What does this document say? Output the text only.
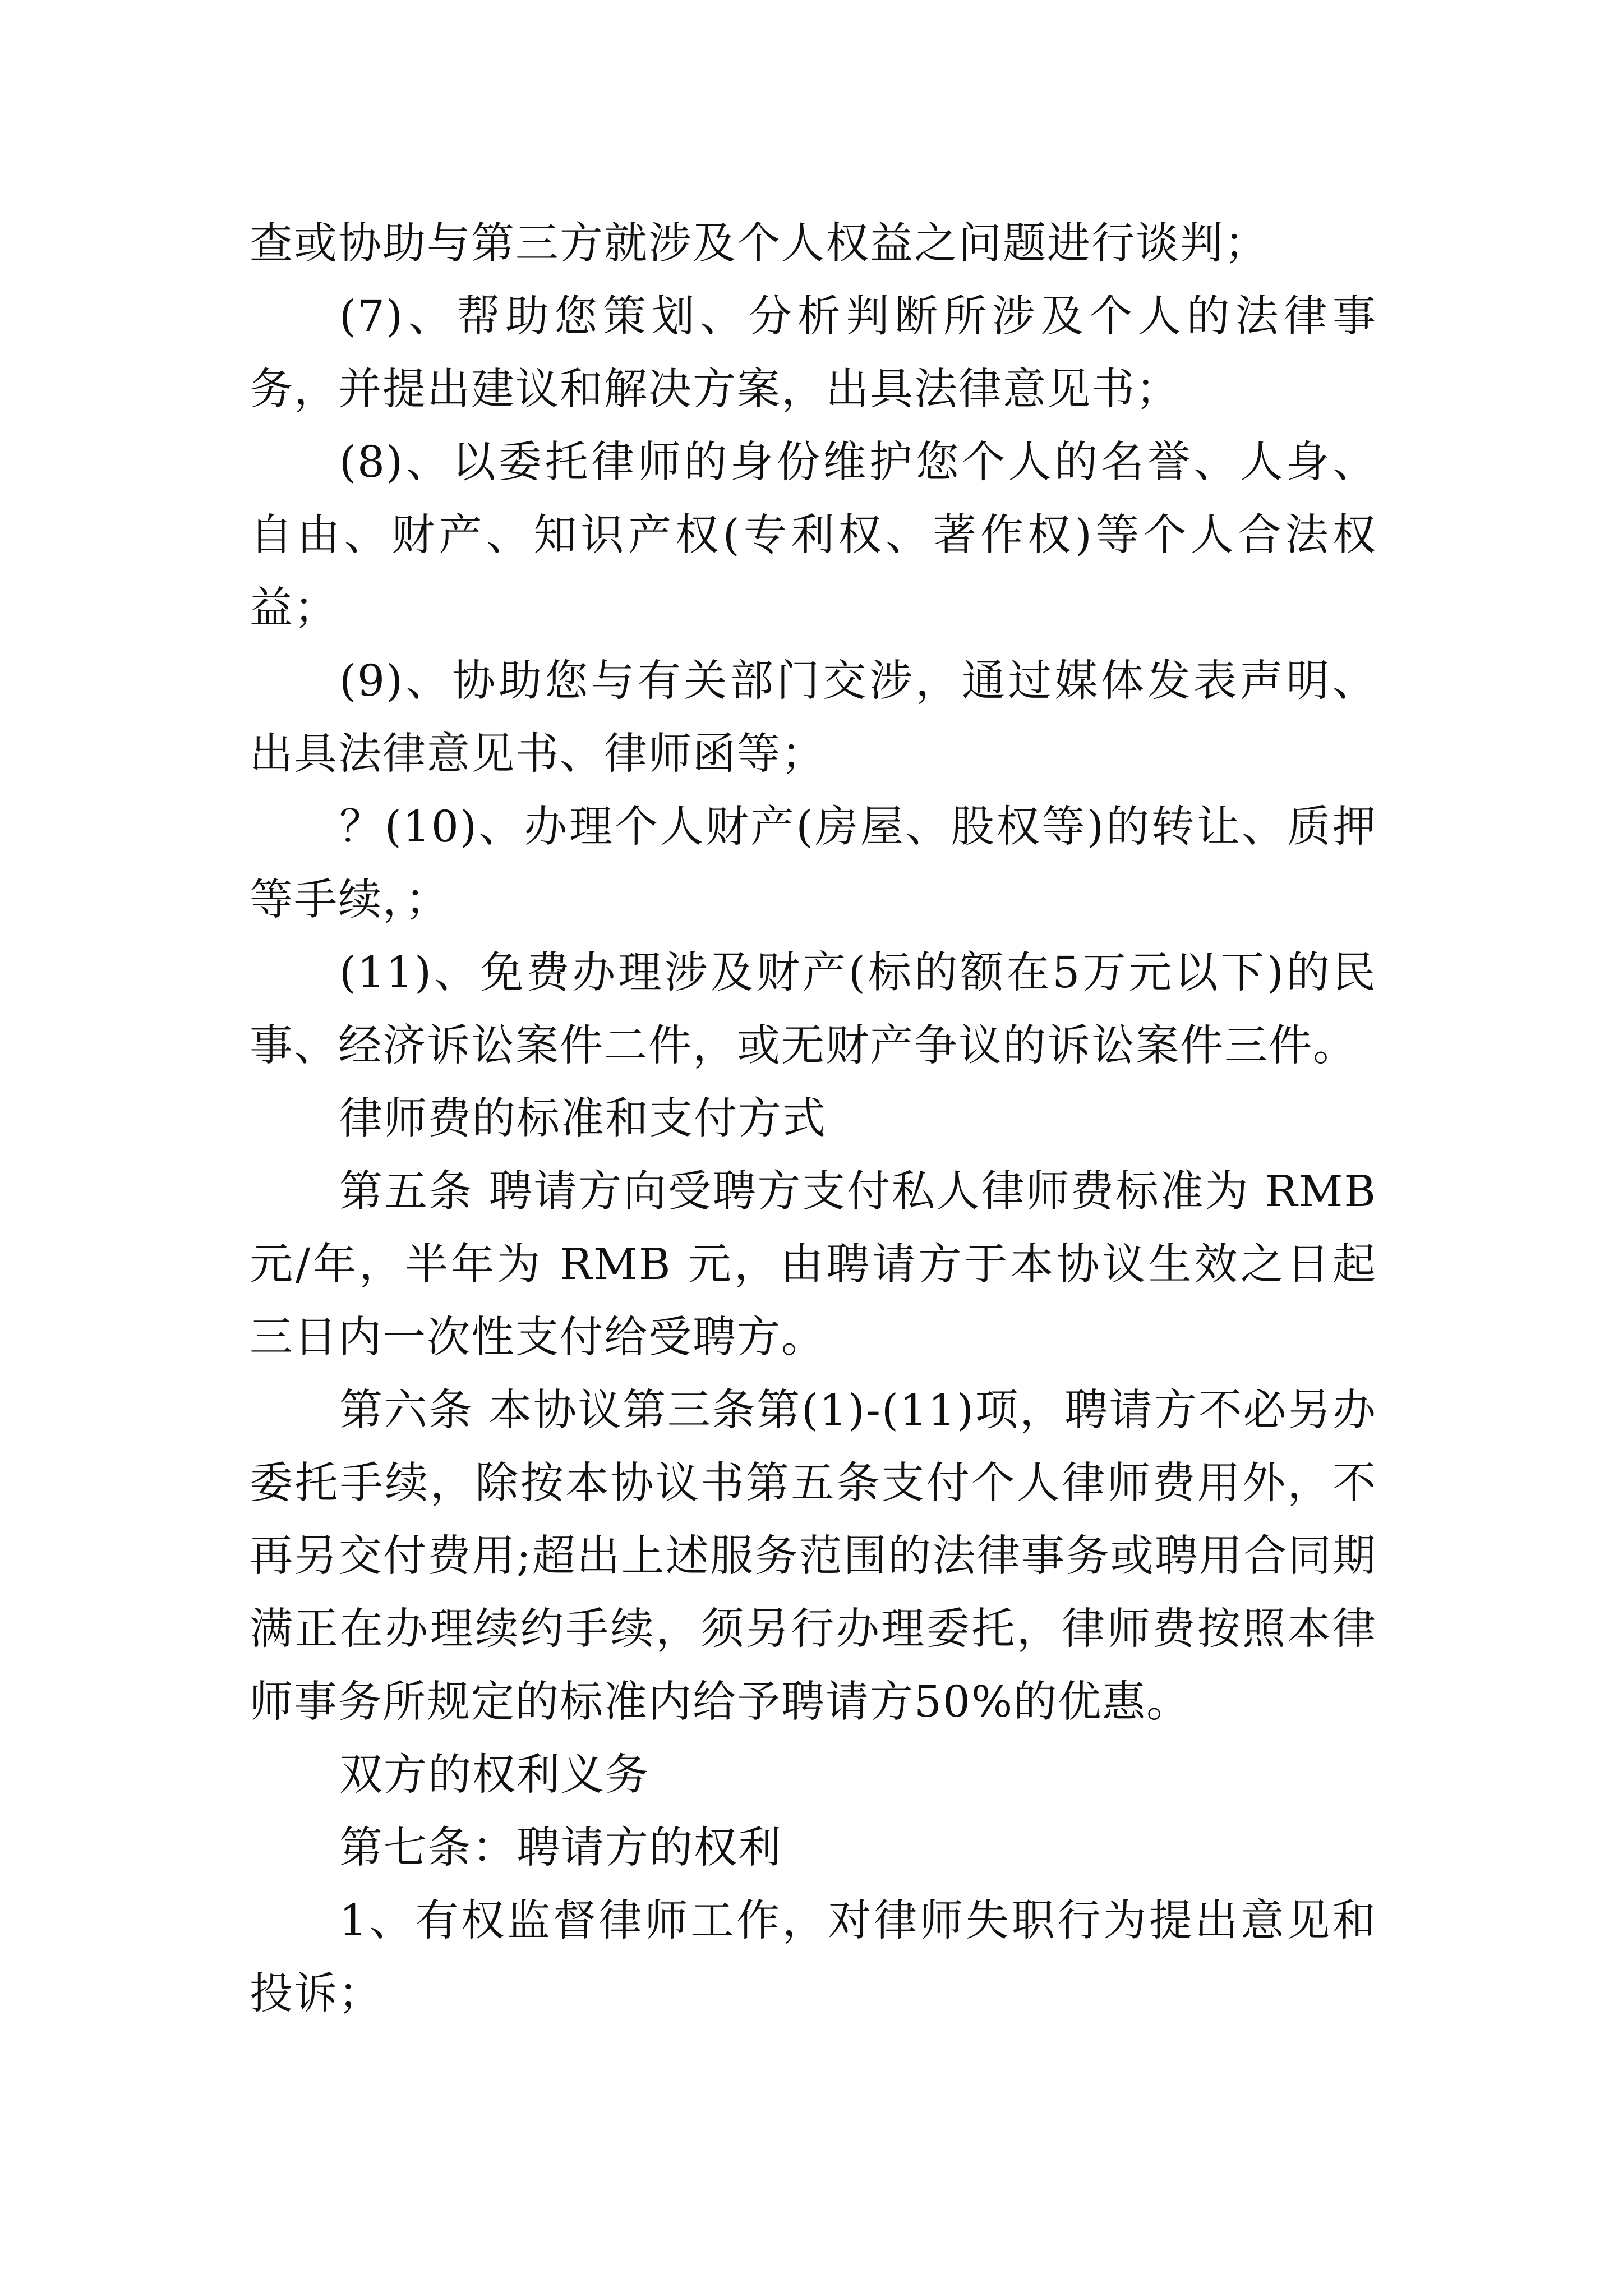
查或协助与第三方就涉及个人权益之问题进行谈判；

(7)、帮助您策划、分析判断所涉及个人的法律事务，并提出建议和解决方案，出具法律意见书；

(8)、以委托律师的身份维护您个人的名誉、人身、自由、财产、知识产权(专利权、著作权)等个人合法权益；

(9)、协助您与有关部门交涉，通过媒体发表声明、出具法律意见书、律师函等；

？(10)、办理个人财产(房屋、股权等)的转让、质押等手续，；

(11)、免费办理涉及财产(标的额在5万元以下)的民事、经济诉讼案件二件，或无财产争议的诉讼案件三件。

律师费的标准和支付方式

第五条 聘请方向受聘方支付私人律师费标准为 RMB 元/年，半年为 RMB 元，由聘请方于本协议生效之日起三日内一次性支付给受聘方。

第六条 本协议第三条第(1)-(11)项，聘请方不必另办委托手续，除按本协议书第五条支付个人律师费用外，不再另交付费用;超出上述服务范围的法律事务或聘用合同期满正在办理续约手续，须另行办理委托，律师费按照本律师事务所规定的标准内给予聘请方50%的优惠。

双方的权利义务

第七条：聘请方的权利

1、有权监督律师工作，对律师失职行为提出意见和投诉；
